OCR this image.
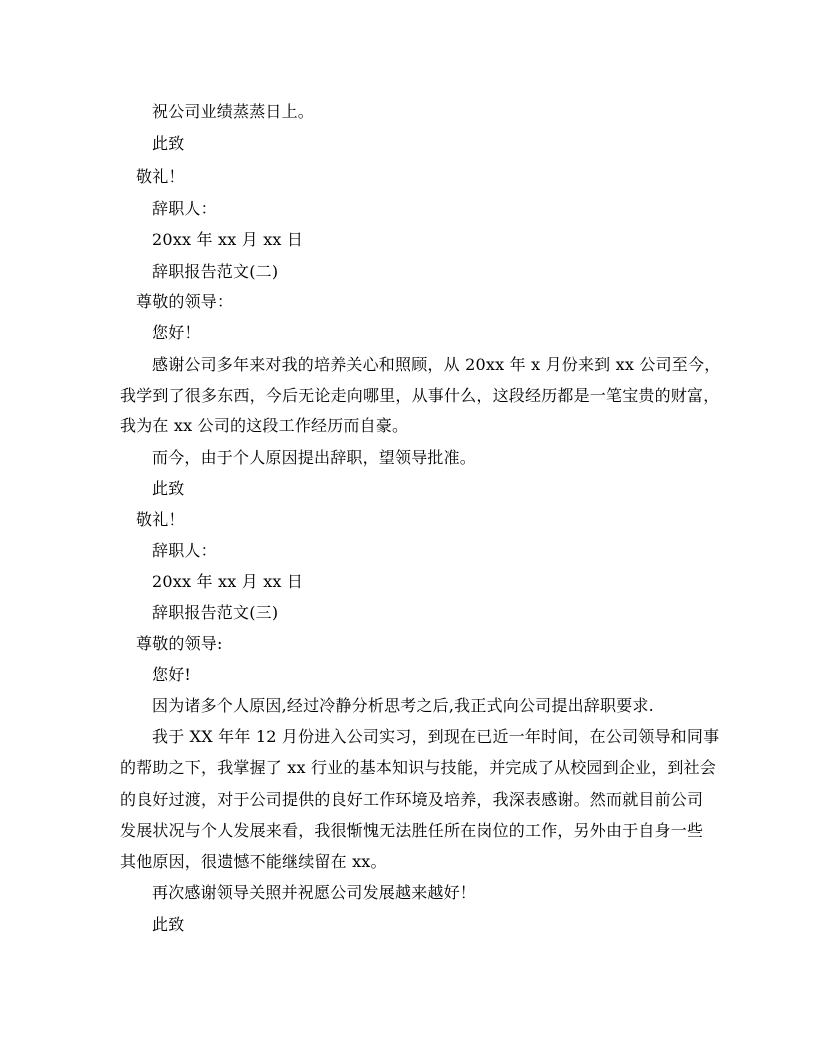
祝公司业绩蒸蒸日上。
此致
敬礼！
辞职人：
20xx 年 xx 月 xx 日
辞职报告范文(二)
尊敬的领导：
您好！
感谢公司多年来对我的培养关心和照顾，从 20xx 年 x 月份来到 xx 公司至今，
我学到了很多东西，今后无论走向哪里，从事什么，这段经历都是一笔宝贵的财富，
我为在 xx 公司的这段工作经历而自豪。
而今，由于个人原因提出辞职，望领导批准。
此致
敬礼！
辞职人：
20xx 年 xx 月 xx 日
辞职报告范文(三)
尊敬的领导:
您好!
因为诸多个人原因,经过冷静分析思考之后,我正式向公司提出辞职要求.
我于 XX 年年 12 月份进入公司实习，到现在已近一年时间，在公司领导和同事
的帮助之下，我掌握了 xx 行业的基本知识与技能，并完成了从校园到企业，到社会
的良好过渡，对于公司提供的良好工作环境及培养，我深表感谢。然而就目前公司
发展状况与个人发展来看，我很惭愧无法胜任所在岗位的工作，另外由于自身一些
其他原因，很遗憾不能继续留在 xx。
再次感谢领导关照并祝愿公司发展越来越好！
此致
